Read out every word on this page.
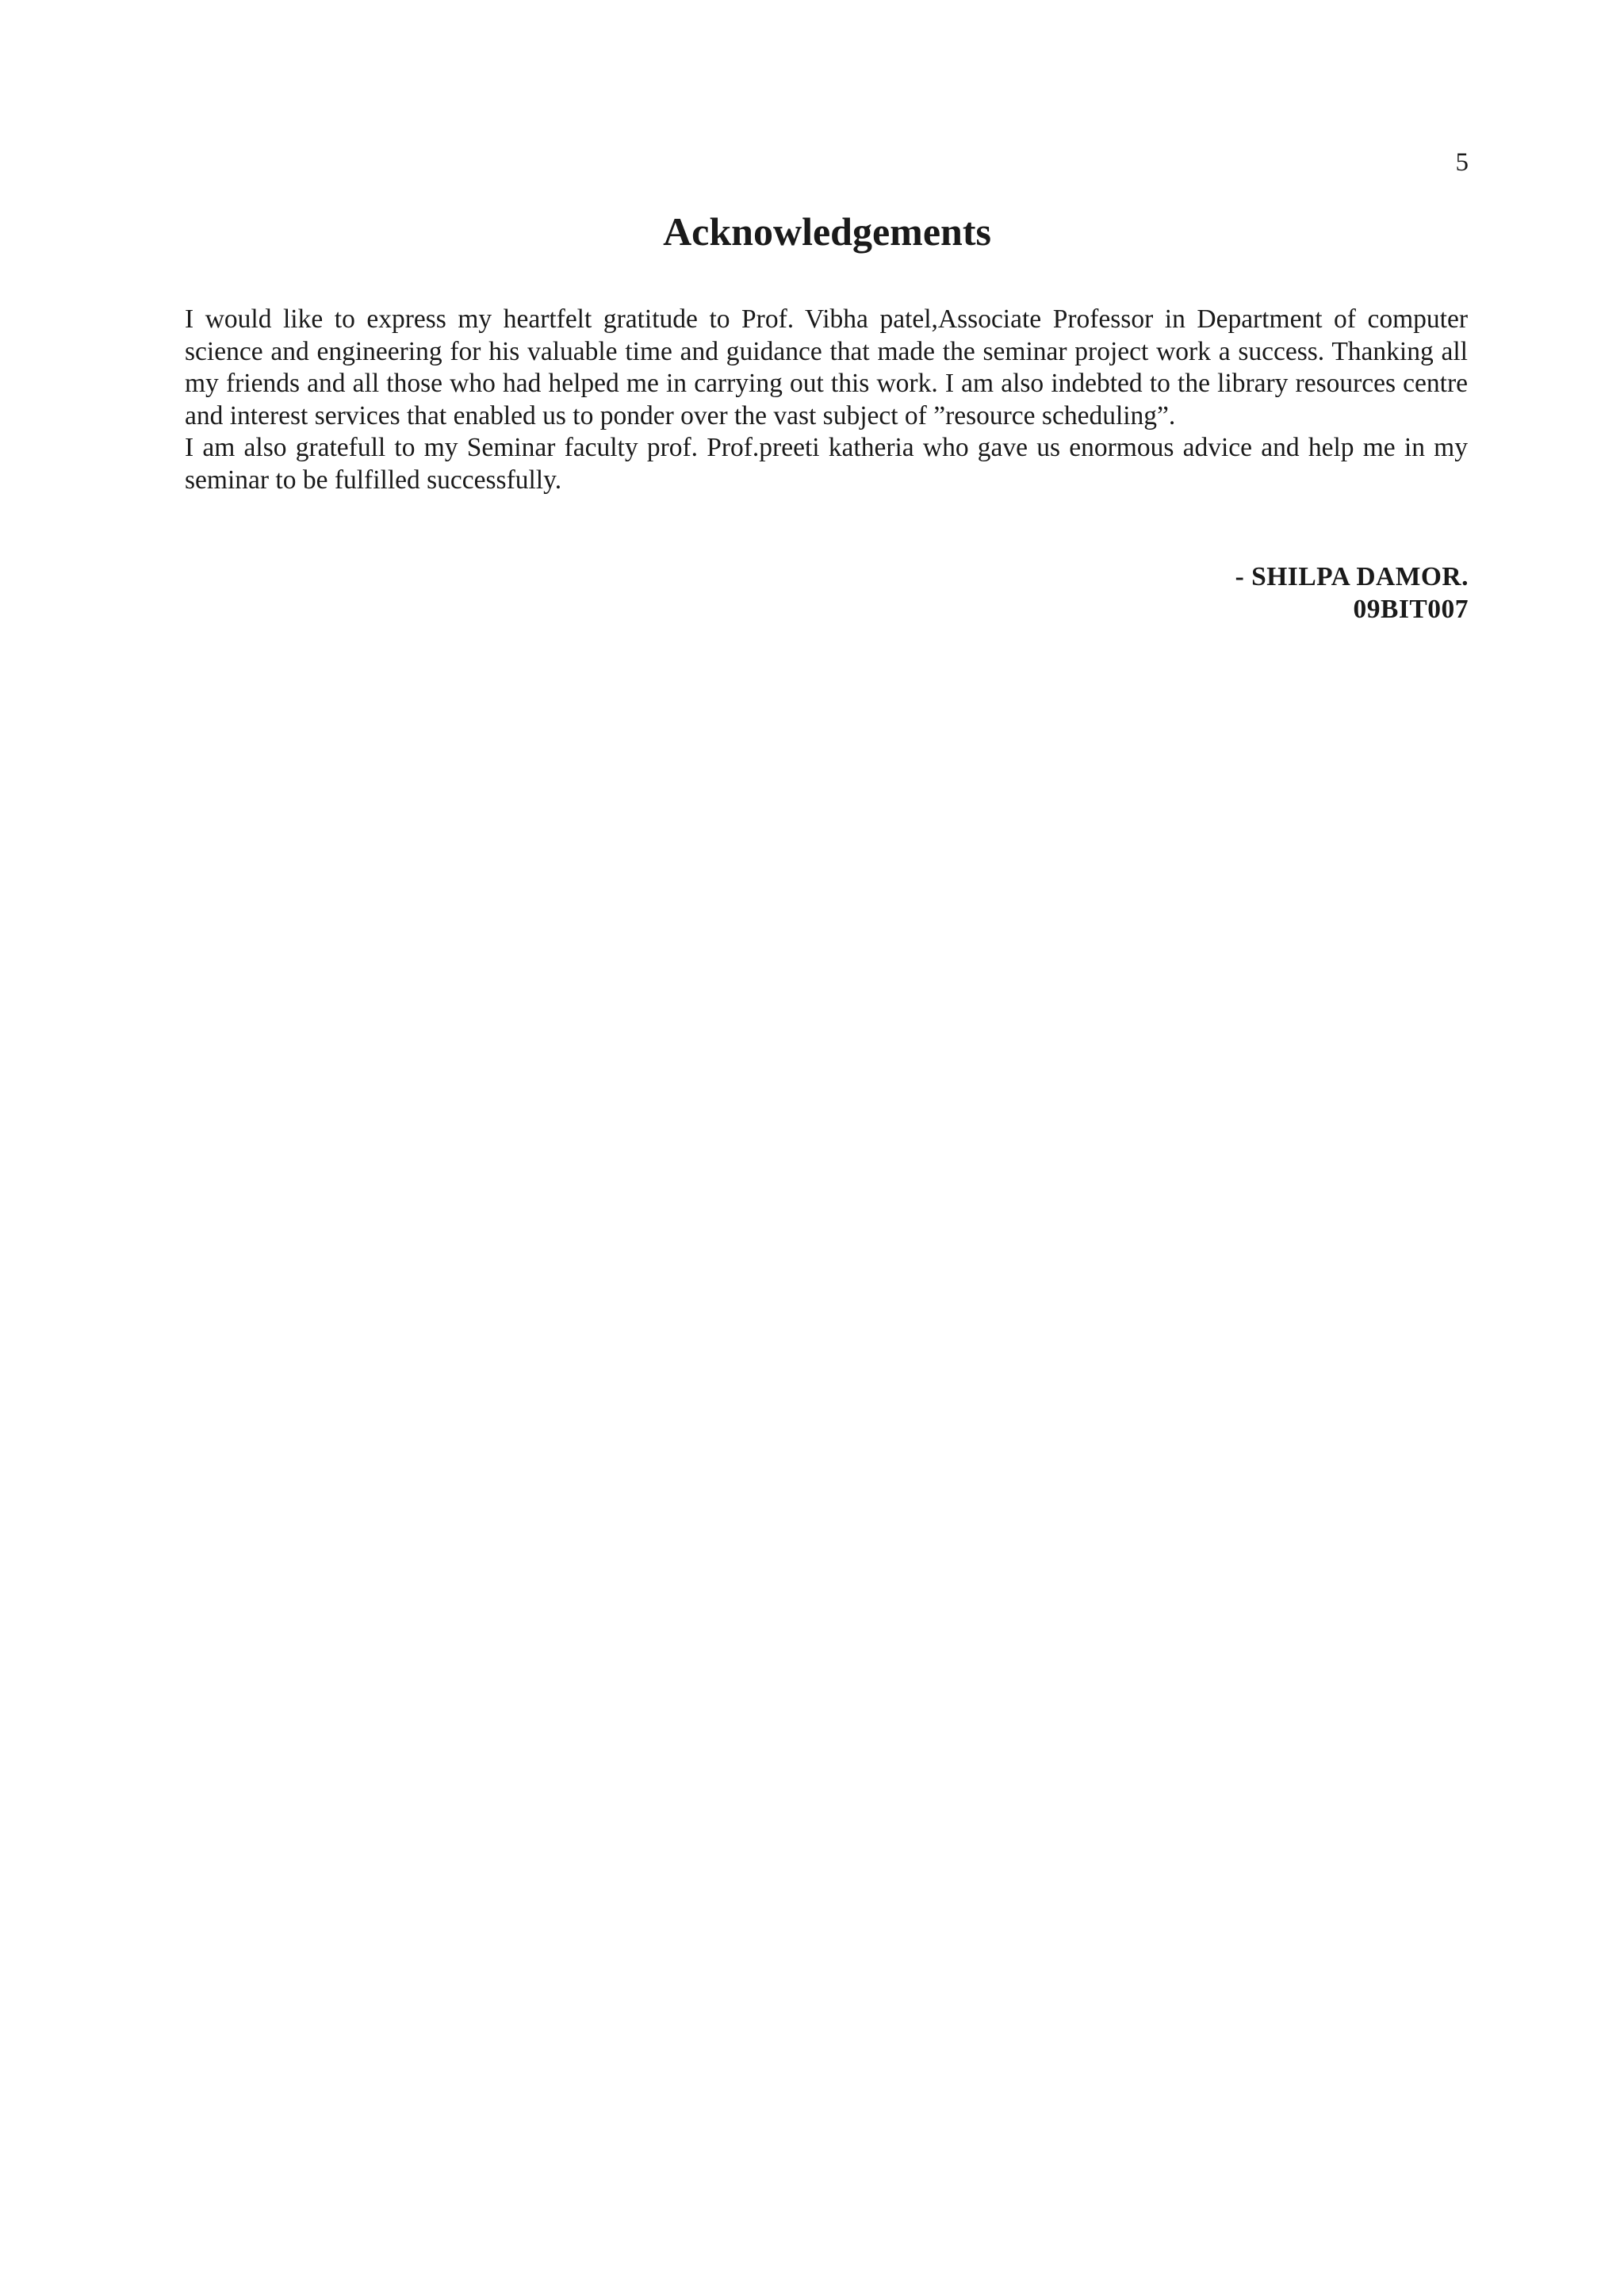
5
Acknowledgements

I would like to express my heartfelt gratitude to Prof. Vibha patel,Associate Professor in Department of computer science and engineering for his valuable time and guidance that made the seminar project work a success. Thanking all my friends and all those who had helped me in carrying out this work. I am also indebted to the library resources centre and interest services that enabled us to ponder over the vast subject of ”resource scheduling”.

I am also gratefull to my Seminar faculty prof. Prof.preeti katheria who gave us enormous advice and help me in my seminar to be fulfilled successfully.

- SHILPA DAMOR.
09BIT007
